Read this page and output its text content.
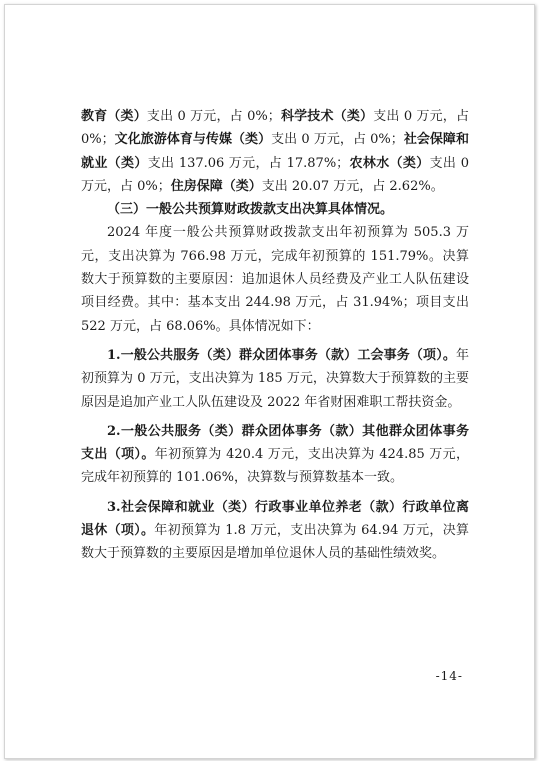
教育（类）支出 0 万元，占 0%；科学技术（类）支出 0 万元，占 0%；文化旅游体育与传媒（类）支出 0 万元，占 0%；社会保障和就业（类）支出 137.06 万元，占 17.87%；农林水（类）支出 0 万元，占 0%；住房保障（类）支出 20.07 万元，占 2.62%。

（三）一般公共预算财政拨款支出决算具体情况。

2024 年度一般公共预算财政拨款支出年初预算为 505.3 万元，支出决算为 766.98 万元，完成年初预算的 151.79%。决算数大于预算数的主要原因：追加退休人员经费及产业工人队伍建设项目经费。其中：基本支出 244.98 万元，占 31.94%；项目支出 522 万元，占 68.06%。具体情况如下：

1.一般公共服务（类）群众团体事务（款）工会事务（项）。年初预算为 0 万元，支出决算为 185 万元，决算数大于预算数的主要原因是追加产业工人队伍建设及 2022 年省财困难职工帮扶资金。

2.一般公共服务（类）群众团体事务（款）其他群众团体事务支出（项）。年初预算为 420.4 万元，支出决算为 424.85 万元，完成年初预算的 101.06%，决算数与预算数基本一致。

3.社会保障和就业（类）行政事业单位养老（款）行政单位离退休（项）。年初预算为 1.8 万元，支出决算为 64.94 万元，决算数大于预算数的主要原因是增加单位退休人员的基础性绩效奖。

-14-
